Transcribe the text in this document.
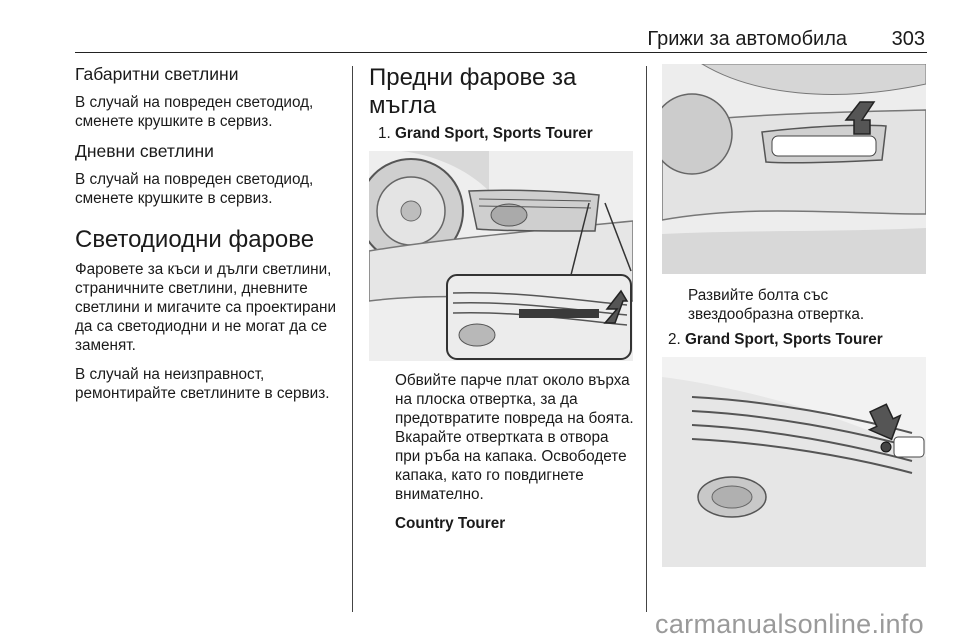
Грижи за автомобила 303
Габаритни светлини

В случай на повреден светодиод, сменете крушките в сервиз.

Дневни светлини

В случай на повреден светодиод, сменете крушките в сервиз.

Светодиодни фарове

Фаровете за къси и дълги светлини, страничните светлини, дневните светлини и мигачите са проектирани да са светодиодни и не могат да се заменят.

В случай на неизправност, ремонтирайте светлините в сервиз.

Предни фарове за мъгла
1. Grand Sport, Sports Tourer

Обвийте парче плат около върха на плоска отвертка, за да предотвратите повреда на боята. Вкарайте отвертката в отвора при ръба на капака. Освободете капака, като го повдигнете внимателно.

Country Tourer

Развийте болта със звездообразна отвертка.

2. Grand Sport, Sports Tourer
carmanualsonline.info
